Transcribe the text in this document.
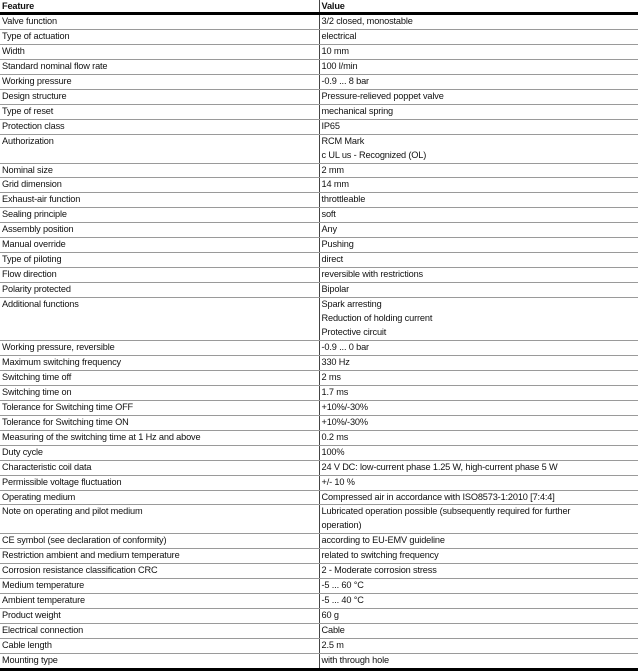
Feature	Value
Valve function	3/2 closed, monostable

Type of actuation	electrical

Width	10 mm

Standard nominal flow rate	100 l/min

Working pressure	-0.9 ... 8 bar

Design structure	Pressure-relieved poppet valve

Type of reset	mechanical spring

Protection class	IP65

Authorization	RCM Mark
c UL us - Recognized (OL)

Nominal size	2 mm

Grid dimension	14 mm

Exhaust-air function	throttleable

Sealing principle	soft

Assembly position	Any

Manual override	Pushing

Type of piloting	direct

Flow direction	reversible with restrictions

Polarity protected	Bipolar

Additional functions	Spark arresting
Reduction of holding current
Protective circuit

Working pressure, reversible	-0.9 ... 0 bar

Maximum switching frequency	330 Hz

Switching time off	2 ms

Switching time on	1.7 ms

Tolerance for Switching time OFF	+10%/-30%

Tolerance for Switching time ON	+10%/-30%

Measuring of the switching time at 1 Hz and above	0.2 ms

Duty cycle	100%

Characteristic coil data	24 V DC: low-current phase 1.25 W, high-current phase 5 W

Permissible voltage fluctuation	+/- 10 %

Operating medium	Compressed air in accordance with ISO8573-1:2010 [7:4:4]

Note on operating and pilot medium	Lubricated operation possible (subsequently required for further
operation)

CE symbol (see declaration of conformity)	according to EU-EMV guideline

Restriction ambient and medium temperature	related to switching frequency

Corrosion resistance classification CRC	2 - Moderate corrosion stress

Medium temperature	-5 ... 60 °C

Ambient temperature	-5 ... 40 °C

Product weight	60 g

Electrical connection	Cable

Cable length	2.5 m

Mounting type	with through hole
